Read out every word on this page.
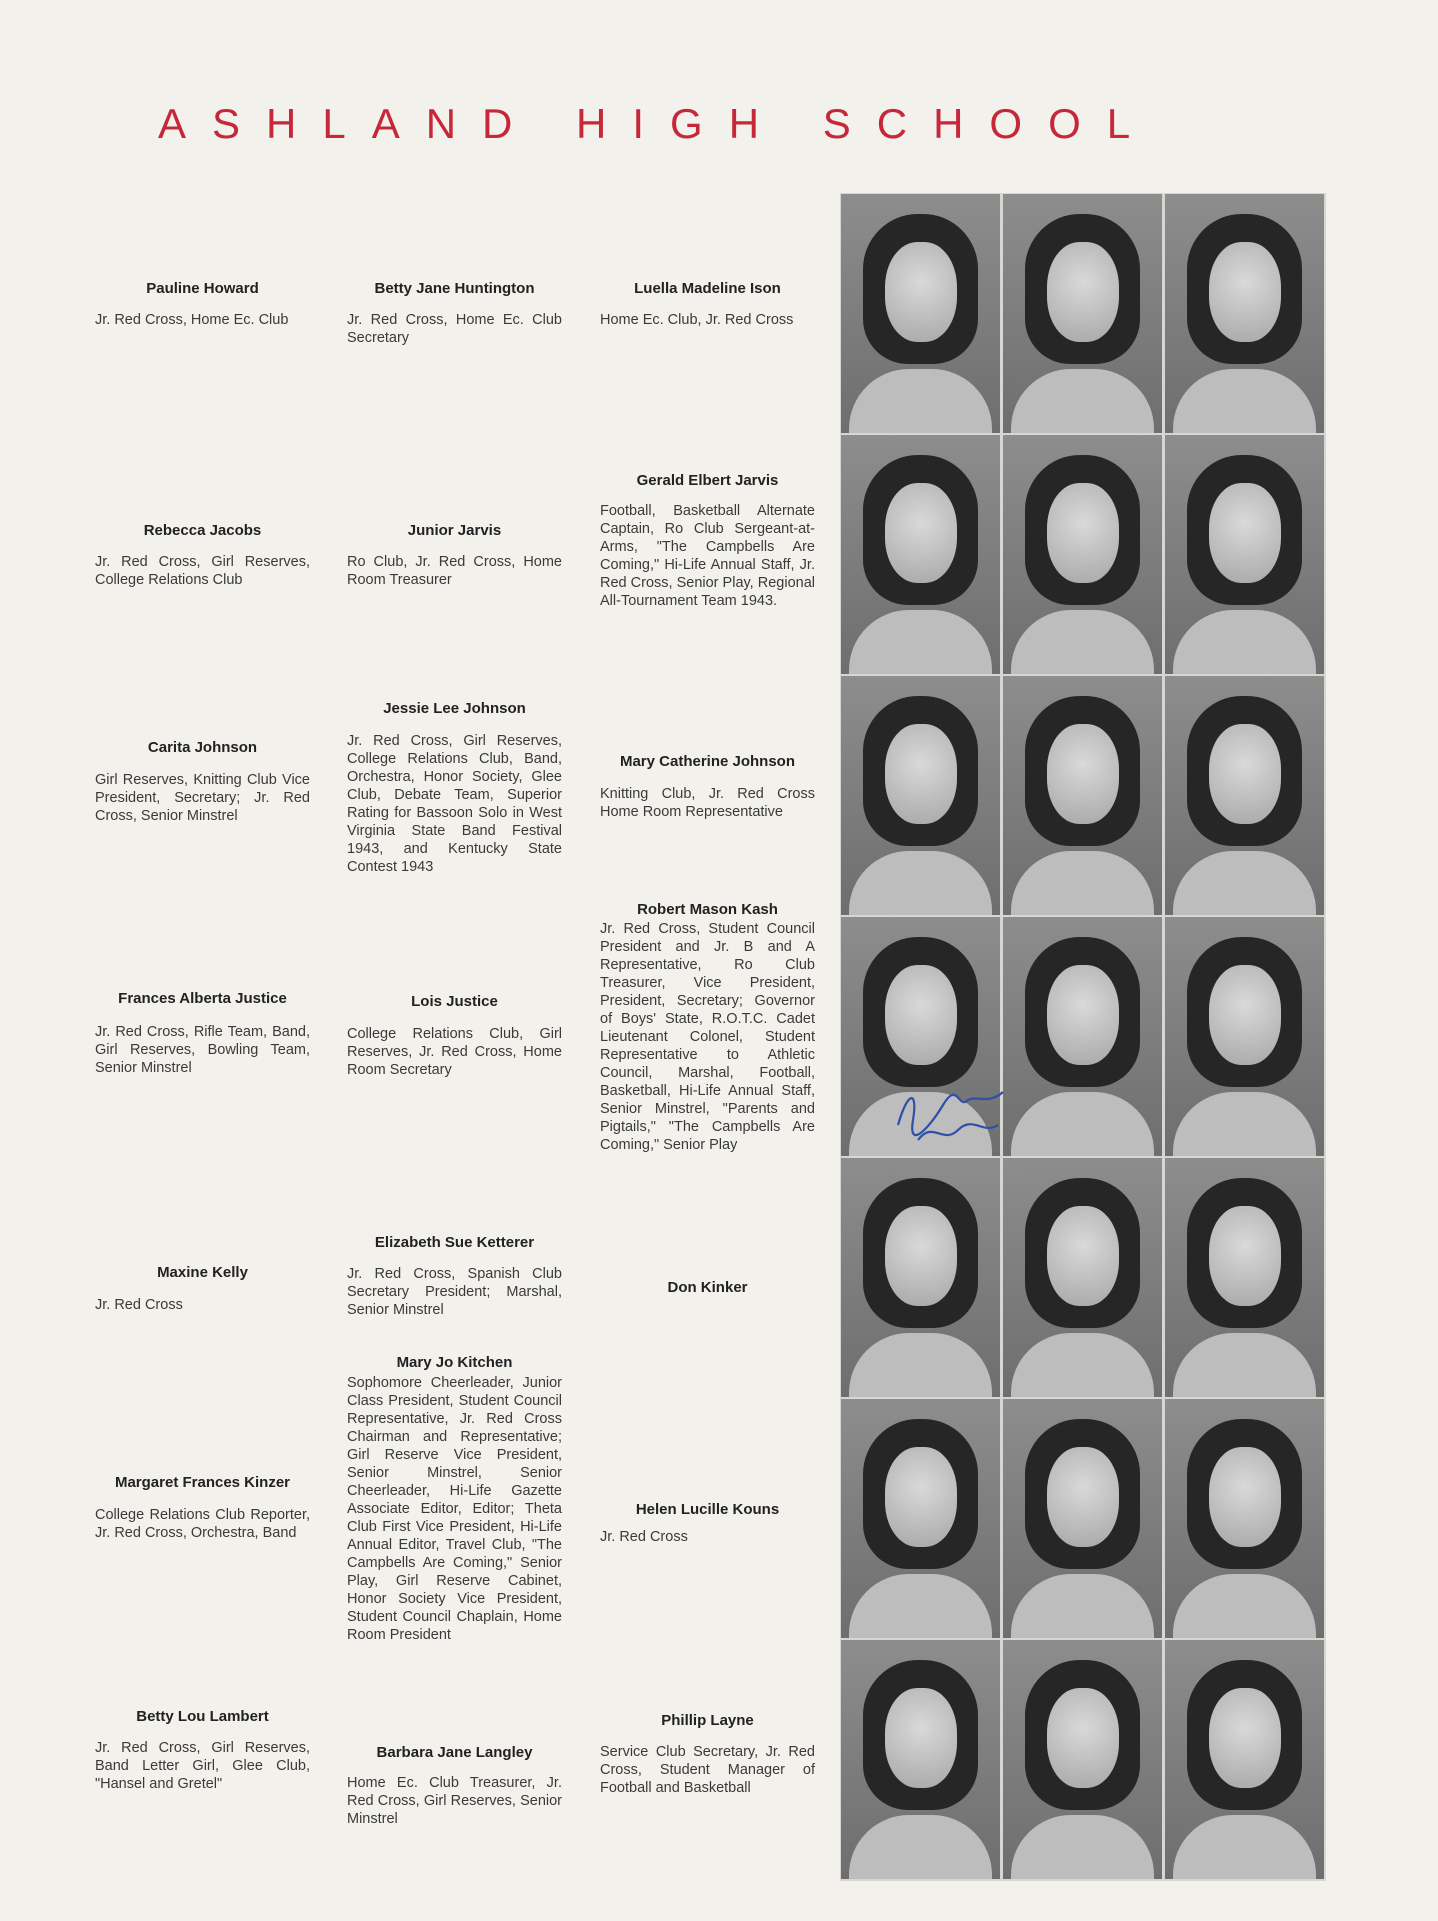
ASHLAND HIGH SCHOOL
Pauline Howard
Jr. Red Cross, Home Ec. Club
Betty Jane Huntington
Jr. Red Cross, Home Ec. Club Secretary
Luella Madeline Ison
Home Ec. Club, Jr. Red Cross
Gerald Elbert Jarvis
Football, Basketball Alternate Captain, Ro Club Sergeant-at-Arms, "The Campbells Are Coming," Hi-Life Annual Staff, Jr. Red Cross, Senior Play, Regional All-Tournament Team 1943.
Rebecca Jacobs
Jr. Red Cross, Girl Reserves, College Relations Club
Junior Jarvis
Ro Club, Jr. Red Cross, Home Room Treasurer
Jessie Lee Johnson
Jr. Red Cross, Girl Reserves, College Relations Club, Band, Orchestra, Honor Society, Glee Club, Debate Team, Superior Rating for Bassoon Solo in West Virginia State Band Festival 1943, and Kentucky State Contest 1943
Carita Johnson
Girl Reserves, Knitting Club Vice President, Secretary; Jr. Red Cross, Senior Minstrel
Mary Catherine Johnson
Knitting Club, Jr. Red Cross Home Room Representative
Robert Mason Kash
Jr. Red Cross, Student Council President and Jr. B and A Representative, Ro Club Treasurer, Vice President, President, Secretary; Governor of Boys' State, R.O.T.C. Cadet Lieutenant Colonel, Student Representative to Athletic Council, Marshal, Football, Basketball, Hi-Life Annual Staff, Senior Minstrel, "Parents and Pigtails," "The Campbells Are Coming," Senior Play
Frances Alberta Justice
Jr. Red Cross, Rifle Team, Band, Girl Reserves, Bowling Team, Senior Minstrel
Lois Justice
College Relations Club, Girl Reserves, Jr. Red Cross, Home Room Secretary
Elizabeth Sue Ketterer
Jr. Red Cross, Spanish Club Secretary President; Marshal, Senior Minstrel
Maxine Kelly
Jr. Red Cross
Don Kinker
Mary Jo Kitchen
Sophomore Cheerleader, Junior Class President, Student Council Representative, Jr. Red Cross Chairman and Representative; Girl Reserve Vice President, Senior Minstrel, Senior Cheerleader, Hi-Life Gazette Associate Editor, Editor; Theta Club First Vice President, Hi-Life Annual Editor, Travel Club, "The Campbells Are Coming," Senior Play, Girl Reserve Cabinet, Honor Society Vice President, Student Council Chaplain, Home Room President
Margaret Frances Kinzer
College Relations Club Reporter, Jr. Red Cross, Orchestra, Band
Helen Lucille Kouns
Jr. Red Cross
Betty Lou Lambert
Jr. Red Cross, Girl Reserves, Band Letter Girl, Glee Club, "Hansel and Gretel"
Barbara Jane Langley
Home Ec. Club Treasurer, Jr. Red Cross, Girl Reserves, Senior Minstrel
Phillip Layne
Service Club Secretary, Jr. Red Cross, Student Manager of Football and Basketball
